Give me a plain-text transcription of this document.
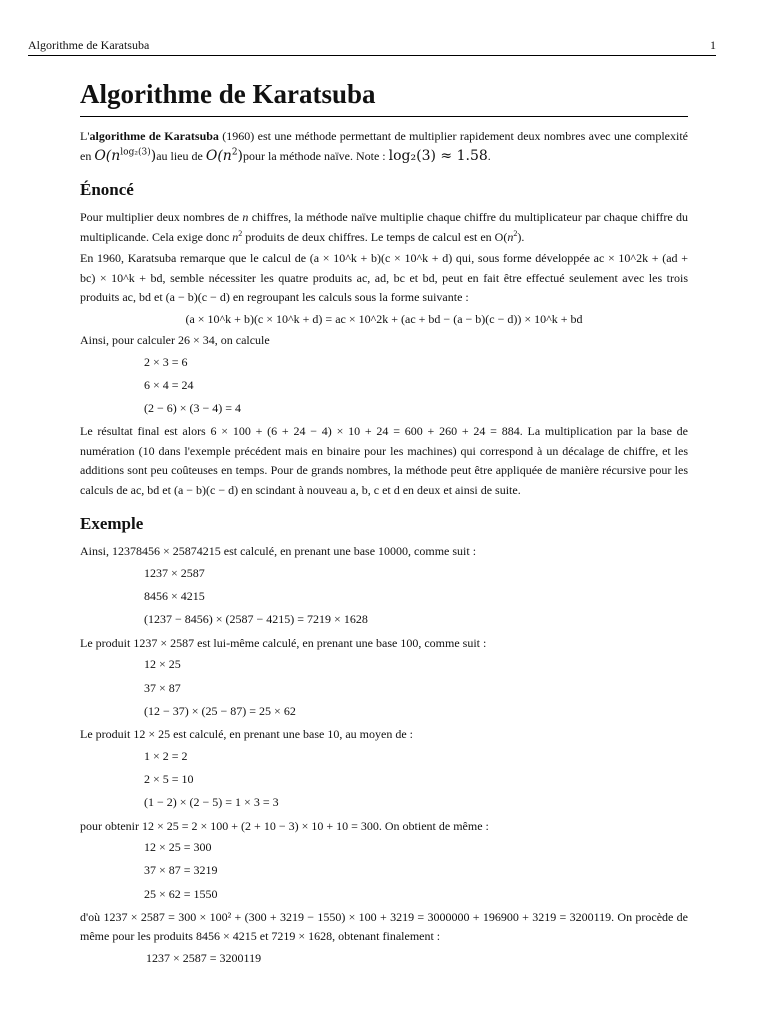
Algorithme de Karatsuba	1
Algorithme de Karatsuba

L'algorithme de Karatsuba (1960) est une méthode permettant de multiplier rapidement deux nombres avec une complexité en $O(n^{log_2(3)})au$ lieu de $O(n^2)pour$ la méthode naïve. Note : log₂(3) ≈ 1.58.

Énoncé

Pour multiplier deux nombres de n chiffres, la méthode naïve multiplie chaque chiffre du multiplicateur par chaque chiffre du multiplicande. Cela exige donc $n^2$ produits de deux chiffres. Le temps de calcul est en $O(n^2)$.

En 1960, Karatsuba remarque que le calcul de (a × 10^k + b)(c × 10^k + d) qui, sous forme développée ac × 10^2k + (ad + bc) × 10^k + bd, semble nécessiter les quatre produits ac, ad, bc et bd, peut en fait être effectué seulement avec les trois produits ac, bd et (a − b)(c − d) en regroupant les calculs sous la forme suivante :

(a × 10^k + b)(c × 10^k + d) = ac × 10^2k + (ac + bd − (a − b)(c − d)) × 10^k + bd

Ainsi, pour calculer 26 × 34, on calcule

2 × 3 = 6
6 × 4 = 24
(2 − 6) × (3 − 4) = 4

Le résultat final est alors 6 × 100 + (6 + 24 − 4) × 10 + 24 = 600 + 260 + 24 = 884. La multiplication par la base de numération (10 dans l'exemple précédent mais en binaire pour les machines) qui correspond à un décalage de chiffre, et les additions sont peu coûteuses en temps. Pour de grands nombres, la méthode peut être appliquée de manière récursive pour les calculs de ac, bd et (a − b)(c − d) en scindant à nouveau a, b, c et d en deux et ainsi de suite.

Exemple

Ainsi, 12378456 × 25874215 est calculé, en prenant une base 10000, comme suit :

1237 × 2587
8456 × 4215
(1237 − 8456) × (2587 − 4215) = 7219 × 1628

Le produit 1237 × 2587 est lui-même calculé, en prenant une base 100, comme suit :

12 × 25
37 × 87
(12 − 37) × (25 − 87) = 25 × 62

Le produit 12 × 25 est calculé, en prenant une base 10, au moyen de :

1 × 2 = 2
2 × 5 = 10
(1 − 2) × (2 − 5) = 1 × 3 = 3

pour obtenir 12 × 25 = 2 × 100 + (2 + 10 − 3) × 10 + 10 = 300. On obtient de même :

12 × 25 = 300
37 × 87 = 3219
25 × 62 = 1550

d'où 1237 × 2587 = 300 × 100² + (300 + 3219 − 1550) × 100 + 3219 = 3000000 + 196900 + 3219 = 3200119. On procède de même pour les produits 8456 × 4215 et 7219 × 1628, obtenant finalement :

1237 × 2587 = 3200119
